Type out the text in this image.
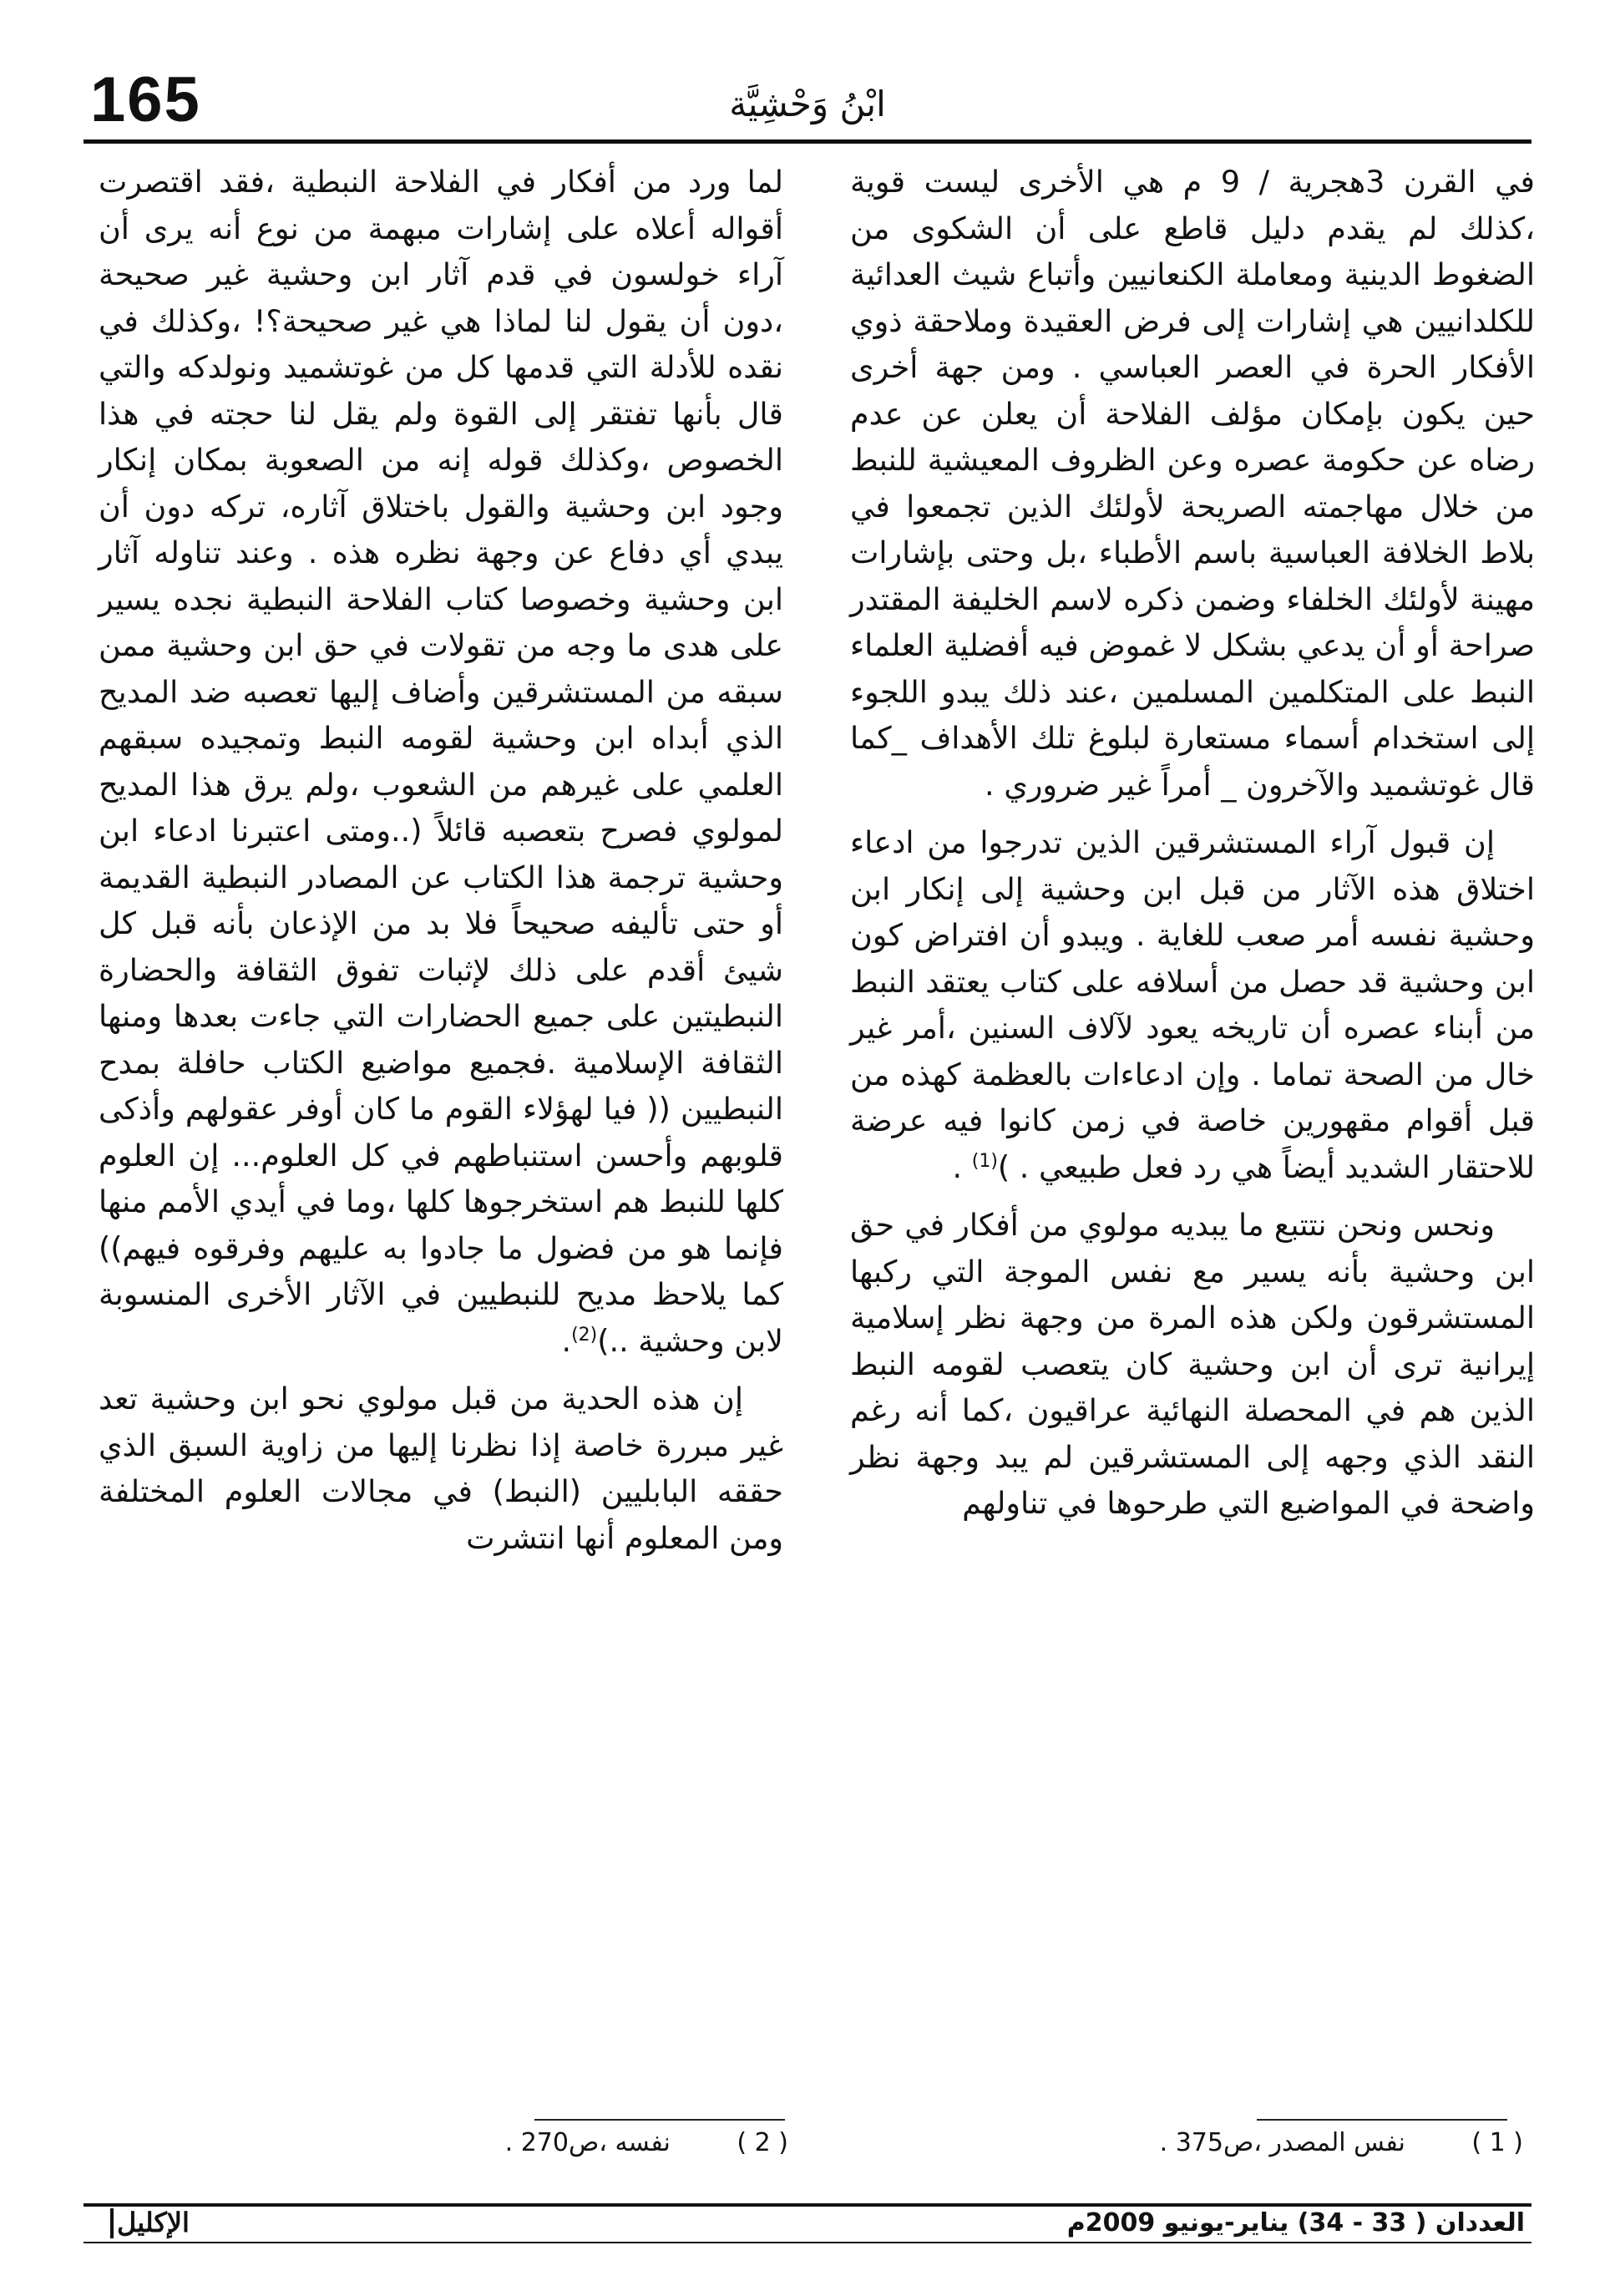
165	ابْنُ وَحْشِيَّة

في القرن 3هجرية / 9 م هي الأخرى ليست قوية ،كذلك لم يقدم دليل قاطع على أن الشكوى من الضغوط الدينية ومعاملة الكنعانيين وأتباع شيث العدائية للكلدانيين هي إشارات إلى فرض العقيدة وملاحقة ذوي الأفكار الحرة في العصر العباسي . ومن جهة أخرى حين يكون بإمكان مؤلف الفلاحة أن يعلن عن عدم رضاه عن حكومة عصره وعن الظروف المعيشية للنبط من خلال مهاجمته الصريحة لأولئك الذين تجمعوا في بلاط الخلافة العباسية باسم الأطباء ،بل وحتى بإشارات مهينة لأولئك الخلفاء وضمن ذكره لاسم الخليفة المقتدر صراحة أو أن يدعي بشكل لا غموض فيه أفضلية العلماء النبط على المتكلمين المسلمين ،عند ذلك يبدو اللجوء إلى استخدام أسماء مستعارة لبلوغ تلك الأهداف _كما قال غوتشميد والآخرون _ أمراً غير ضروري .

إن قبول آراء المستشرقين الذين تدرجوا من ادعاء اختلاق هذه الآثار من قبل ابن وحشية إلى إنكار ابن وحشية نفسه أمر صعب للغاية . ويبدو أن افتراض كون ابن وحشية قد حصل من أسلافه على كتاب يعتقد النبط من أبناء عصره أن تاريخه يعود لآلاف السنين ،أمر غير خال من الصحة تماما . وإن ادعاءات بالعظمة كهذه من قبل أقوام مقهورين خاصة في زمن كانوا فيه عرضة للاحتقار الشديد أيضاً هي رد فعل طبيعي . )$^{(1)}$ .

ونحس ونحن نتتبع ما يبديه مولوي من أفكار في حق ابن وحشية بأنه يسير مع نفس الموجة التي ركبها المستشرقون ولكن هذه المرة من وجهة نظر إسلامية إيرانية ترى أن ابن وحشية كان يتعصب لقومه النبط الذين هم في المحصلة النهائية عراقيون ،كما أنه رغم النقد الذي وجهه إلى المستشرقين لم يبد وجهة نظر واضحة في المواضيع التي طرحوها في تناولهم

لما ورد من أفكار في الفلاحة النبطية ،فقد اقتصرت أقواله أعلاه على إشارات مبهمة من نوع أنه يرى أن آراء خولسون في قدم آثار ابن وحشية غير صحيحة ،دون أن يقول لنا لماذا هي غير صحيحة؟! ،وكذلك في نقده للأدلة التي قدمها كل من غوتشميد ونولدكه والتي قال بأنها تفتقر إلى القوة ولم يقل لنا حجته في هذا الخصوص ،وكذلك قوله إنه من الصعوبة بمكان إنكار وجود ابن وحشية والقول باختلاق آثاره، تركه دون أن يبدي أي دفاع عن وجهة نظره هذه . وعند تناوله آثار ابن وحشية وخصوصا كتاب الفلاحة النبطية نجده يسير على هدى ما وجه من تقولات في حق ابن وحشية ممن سبقه من المستشرقين وأضاف إليها تعصبه ضد المديح الذي أبداه ابن وحشية لقومه النبط وتمجيده سبقهم العلمي على غيرهم من الشعوب ،ولم يرق هذا المديح لمولوي فصرح بتعصبه قائلاً (..ومتى اعتبرنا ادعاء ابن وحشية ترجمة هذا الكتاب عن المصادر النبطية القديمة أو حتى تأليفه صحيحاً فلا بد من الإذعان بأنه قبل كل شيئ أقدم على ذلك لإثبات تفوق الثقافة والحضارة النبطيتين على جميع الحضارات التي جاءت بعدها ومنها الثقافة الإسلامية .فجميع مواضيع الكتاب حافلة بمدح النبطيين (( فيا لهؤلاء القوم ما كان أوفر عقولهم وأذكى قلوبهم وأحسن استنباطهم في كل العلوم... إن العلوم كلها للنبط هم استخرجوها كلها ،وما في أيدي الأمم منها فإنما هو من فضول ما جادوا به عليهم وفرقوه فيهم)) كما يلاحظ مديح للنبطيين في الآثار الأخرى المنسوبة لابن وحشية ..)$^{(2)}$.

إن هذه الحدية من قبل مولوي نحو ابن وحشية تعد غير مبررة خاصة إذا نظرنا إليها من زاوية السبق الذي حققه البابليين (النبط) في مجالات العلوم المختلفة ومن المعلوم أنها انتشرت

( 1 ) نفس المصدر ،ص375 .
( 2 ) نفسه ،ص270 .
العددان ( 33 - 34) يناير-يونيو 2009م
الإكليل
